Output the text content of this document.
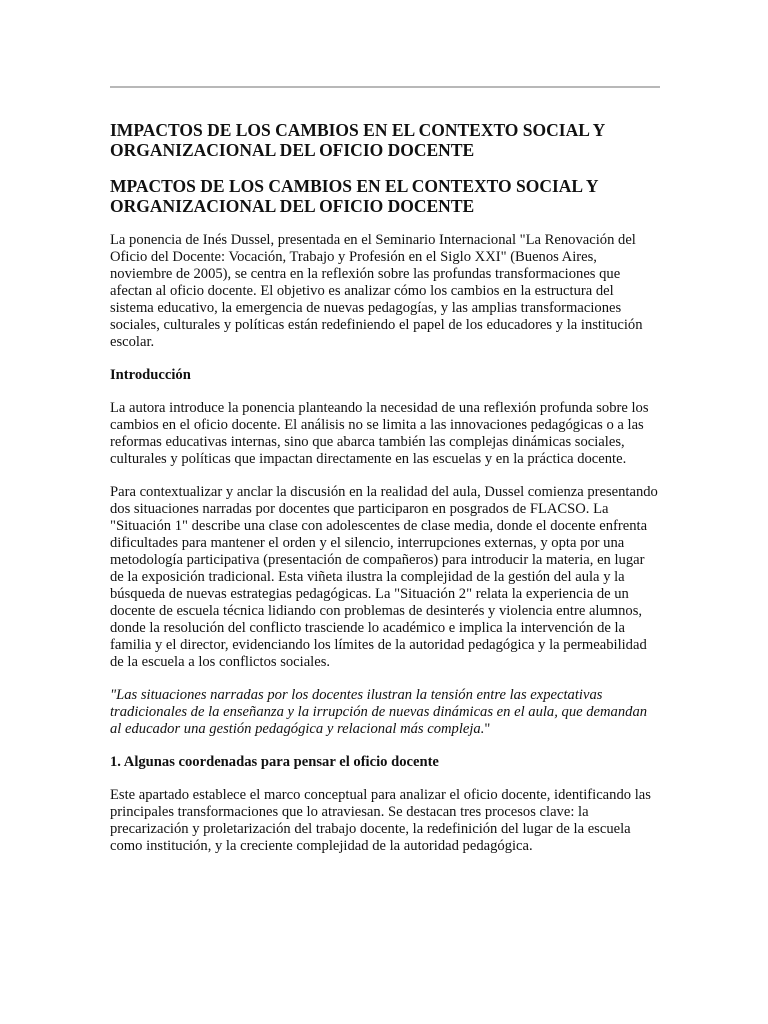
IMPACTOS DE LOS CAMBIOS EN EL CONTEXTO SOCIAL Y ORGANIZACIONAL DEL OFICIO DOCENTE
MPACTOS DE LOS CAMBIOS EN EL CONTEXTO SOCIAL Y ORGANIZACIONAL DEL OFICIO DOCENTE

La ponencia de Inés Dussel, presentada en el Seminario Internacional "La Renovación del Oficio del Docente: Vocación, Trabajo y Profesión en el Siglo XXI" (Buenos Aires, noviembre de 2005), se centra en la reflexión sobre las profundas transformaciones que afectan al oficio docente. El objetivo es analizar cómo los cambios en la estructura del sistema educativo, la emergencia de nuevas pedagogías, y las amplias transformaciones sociales, culturales y políticas están redefiniendo el papel de los educadores y la institución escolar.

Introducción

La autora introduce la ponencia planteando la necesidad de una reflexión profunda sobre los cambios en el oficio docente. El análisis no se limita a las innovaciones pedagógicas o a las reformas educativas internas, sino que abarca también las complejas dinámicas sociales, culturales y políticas que impactan directamente en las escuelas y en la práctica docente.

Para contextualizar y anclar la discusión en la realidad del aula, Dussel comienza presentando dos situaciones narradas por docentes que participaron en posgrados de FLACSO. La "Situación 1" describe una clase con adolescentes de clase media, donde el docente enfrenta dificultades para mantener el orden y el silencio, interrupciones externas, y opta por una metodología participativa (presentación de compañeros) para introducir la materia, en lugar de la exposición tradicional. Esta viñeta ilustra la complejidad de la gestión del aula y la búsqueda de nuevas estrategias pedagógicas. La "Situación 2" relata la experiencia de un docente de escuela técnica lidiando con problemas de desinterés y violencia entre alumnos, donde la resolución del conflicto trasciende lo académico e implica la intervención de la familia y el director, evidenciando los límites de la autoridad pedagógica y la permeabilidad de la escuela a los conflictos sociales.

"Las situaciones narradas por los docentes ilustran la tensión entre las expectativas tradicionales de la enseñanza y la irrupción de nuevas dinámicas en el aula, que demandan al educador una gestión pedagógica y relacional más compleja."

1. Algunas coordenadas para pensar el oficio docente

Este apartado establece el marco conceptual para analizar el oficio docente, identificando las principales transformaciones que lo atraviesan. Se destacan tres procesos clave: la precarización y proletarización del trabajo docente, la redefinición del lugar de la escuela como institución, y la creciente complejidad de la autoridad pedagógica.
